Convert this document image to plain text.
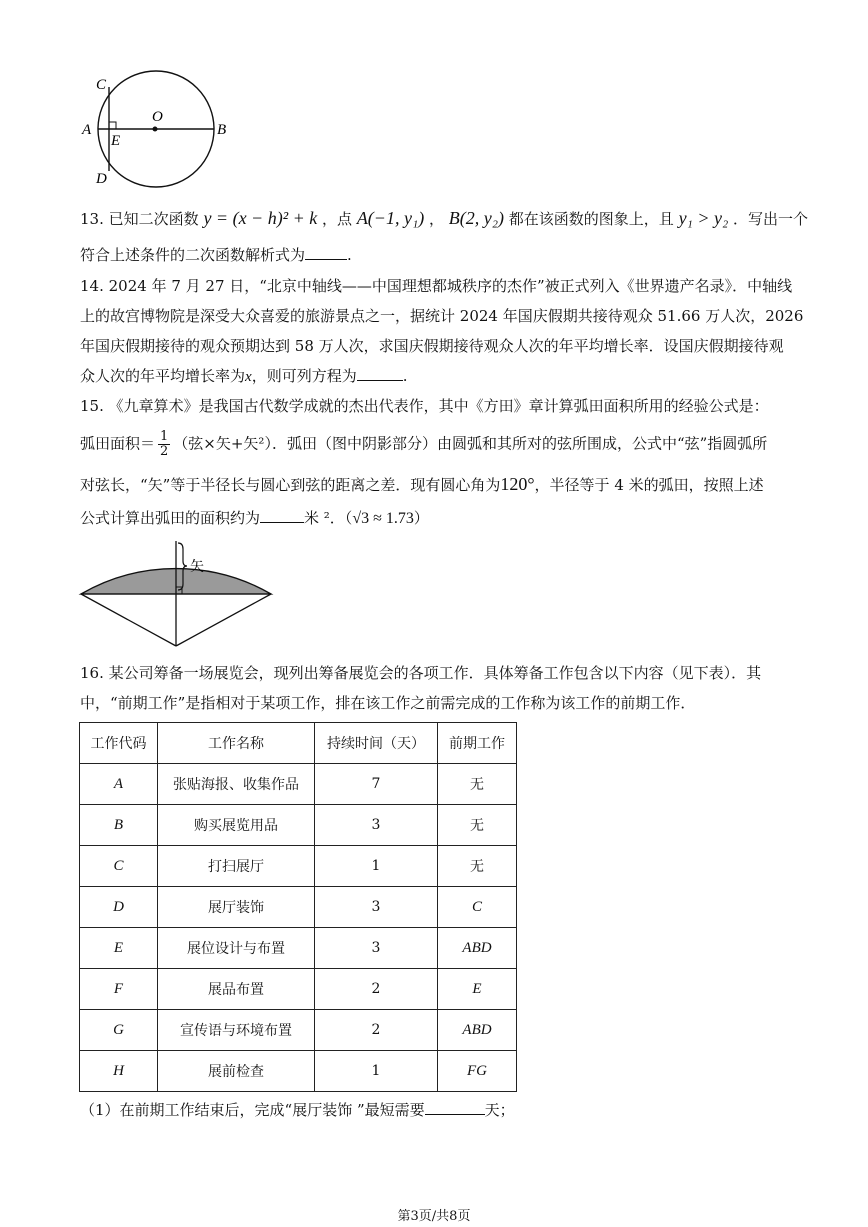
C
O
A
E
B
D
13. 已知二次函数 y = (x − h)² + k ，点 A(−1, y₁) ， B(2, y₂) 都在该函数的图象上，且 y₁ > y₂ ．写出一个
符合上述条件的二次函数解析式为	.
14. 2024 年 7 月 27 日，“北京中轴线——中国理想都城秩序的杰作”被正式列入《世界遗产名录》．中轴线
上的故宫博物院是深受大众喜爱的旅游景点之一，据统计 2024 年国庆假期共接待观众 51.66 万人次，2026
年国庆假期接待的观众预期达到 58 万人次，求国庆假期接待观众人次的年平均增长率．设国庆假期接待观
众人次的年平均增长率为x，则可列方程为	.
15. 《九章算术》是我国古代数学成就的杰出代表作，其中《方田》章计算弧田面积所用的经验公式是：
弧田面积＝ $\frac{1}{2}$ （弦×矢+矢²）．弧田（图中阴影部分）由圆弧和其所对的弦所围成，公式中“弦”指圆弧所
对弦长，“矢”等于半径长与圆心到弦的距离之差．现有圆心角为120°，半径等于 4 米的弧田，按照上述
公式计算出弧田的面积约为	米 ²．（√3 ≈ 1.73）
矢
16. 某公司筹备一场展览会，现列出筹备展览会的各项工作．具体筹备工作包含以下内容（见下表）．其
中，“前期工作”是指相对于某项工作，排在该工作之前需完成的工作称为该工作的前期工作．
工作代码	工作名称	持续时间（天）	前期工作
A	张贴海报、收集作品	7	无
B	购买展览用品	3	无
C	打扫展厅	1	无
D	展厅装饰	3	C
E	展位设计与布置	3	ABD
F	展品布置	2	E
G	宣传语与环境布置	2	ABD
H	展前检查	1	FG
（1）在前期工作结束后，完成“展厅装饰 ”最短需要	天；
第3页/共8页
